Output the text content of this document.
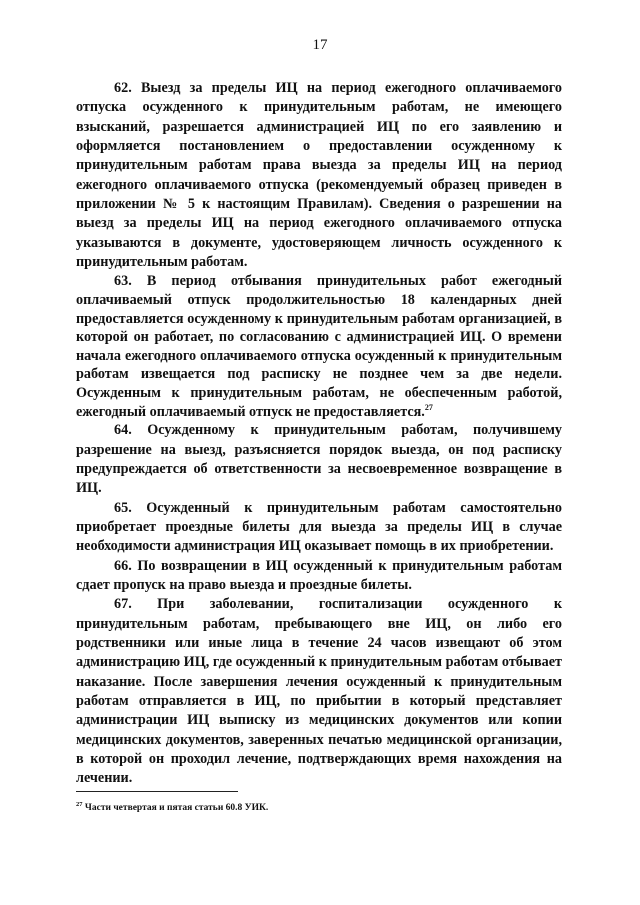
17

62. Выезд за пределы ИЦ на период ежегодного оплачиваемого отпуска осужденного к принудительным работам, не имеющего взысканий, разрешается администрацией ИЦ по его заявлению и оформляется постановлением о предоставлении осужденному к принудительным работам права выезда за пределы ИЦ на период ежегодного оплачиваемого отпуска (рекомендуемый образец приведен в приложении № 5 к настоящим Правилам). Сведения о разрешении на выезд за пределы ИЦ на период ежегодного оплачиваемого отпуска указываются в документе, удостоверяющем личность осужденного к принудительным работам.

63. В период отбывания принудительных работ ежегодный оплачиваемый отпуск продолжительностью 18 календарных дней предоставляется осужденному к принудительным работам организацией, в которой он работает, по согласованию с администрацией ИЦ. О времени начала ежегодного оплачиваемого отпуска осужденный к принудительным работам извещается под расписку не позднее чем за две недели. Осужденным к принудительным работам, не обеспеченным работой, ежегодный оплачиваемый отпуск не предоставляется.$^{27}$

64. Осужденному к принудительным работам, получившему разрешение на выезд, разъясняется порядок выезда, он под расписку предупреждается об ответственности за несвоевременное возвращение в ИЦ.

65. Осужденный к принудительным работам самостоятельно приобретает проездные билеты для выезда за пределы ИЦ в случае необходимости администрация ИЦ оказывает помощь в их приобретении.

66. По возвращении в ИЦ осужденный к принудительным работам сдает пропуск на право выезда и проездные билеты.

67. При заболевании, госпитализации осужденного к принудительным работам, пребывающего вне ИЦ, он либо его родственники или иные лица в течение 24 часов извещают об этом администрацию ИЦ, где осужденный к принудительным работам отбывает наказание. После завершения лечения осужденный к принудительным работам отправляется в ИЦ, по прибытии в который представляет администрации ИЦ выписку из медицинских документов или копии медицинских документов, заверенных печатью медицинской организации, в которой он проходил лечение, подтверждающих время нахождения на лечении.

$^{27}$ Части четвертая и пятая статьи 60.8 УИК.
